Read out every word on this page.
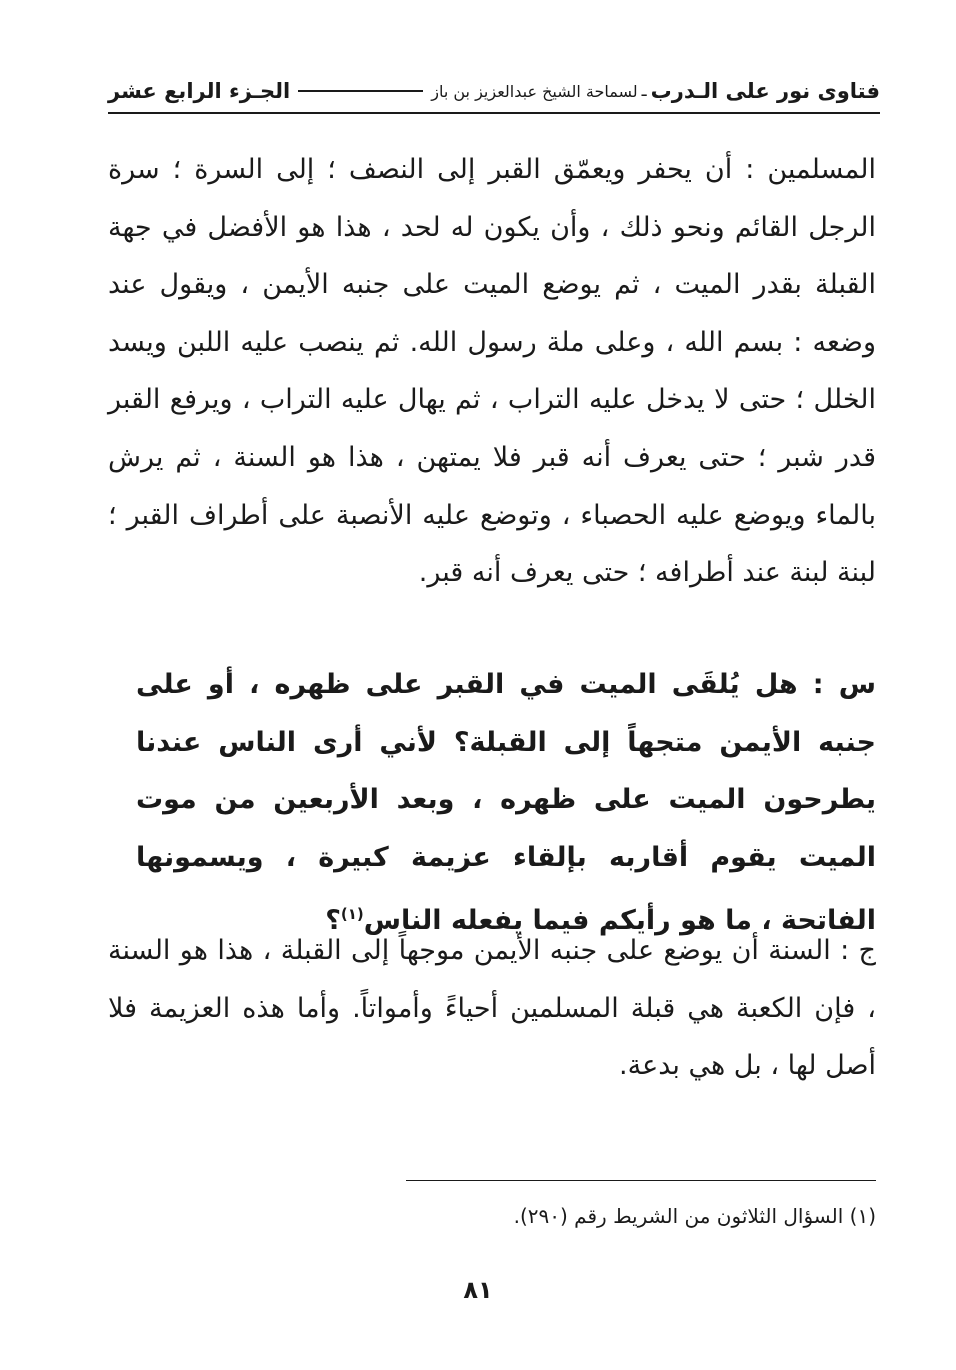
فتاوى نور على الـدرب
ـ
لسماحة الشيخ عبدالعزيز بن باز
الجـزء الرابع عشر

المسلمين : أن يحفر ويعمّق القبر إلى النصف ؛ إلى السرة ؛ سرة الرجل القائم ونحو ذلك ، وأن يكون له لحد ، هذا هو الأفضل في جهة القبلة بقدر الميت ، ثم يوضع الميت على جنبه الأيمن ، ويقول عند وضعه : بسم الله ، وعلى ملة رسول الله. ثم ينصب عليه اللبن ويسد الخلل ؛ حتى لا يدخل عليه التراب ، ثم يهال عليه التراب ، ويرفع القبر قدر شبر ؛ حتى يعرف أنه قبر فلا يمتهن ، هذا هو السنة ، ثم يرش بالماء ويوضع عليه الحصباء ، وتوضع عليه الأنصبة على أطراف القبر ؛ لبنة لبنة عند أطرافه ؛ حتى يعرف أنه قبر.

س : هل يُلقَى الميت في القبر على ظهره ، أو على جنبه الأيمن متجهاً إلى القبلة؟ لأني أرى الناس عندنا يطرحون الميت على ظهره ، وبعد الأربعين من موت الميت يقوم أقاربه بإلقاء عزيمة كبيرة ، ويسمونها الفاتحة ، ما هو رأيكم فيما يفعله الناس$^{(١)}$؟

ج : السنة أن يوضع على جنبه الأيمن موجهاً إلى القبلة ، هذا هو السنة ، فإن الكعبة هي قبلة المسلمين أحياءً وأمواتاً. وأما هذه العزيمة فلا أصل لها ، بل هي بدعة.

(١) السؤال الثلاثون من الشريط رقم (٢٩٠).

٨١
